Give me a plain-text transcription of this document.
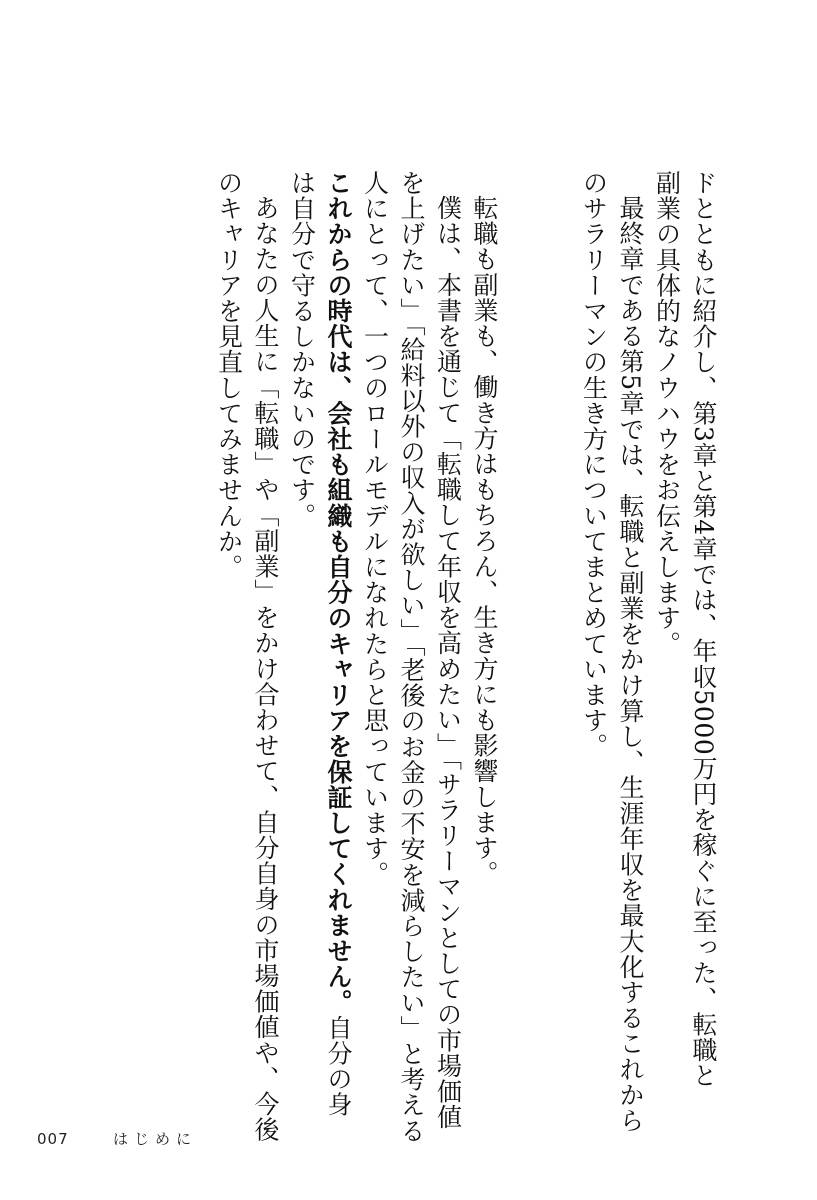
ドとともに紹介し、第3章と第4章では、年収5000万円を稼ぐに至った、転職と
副業の具体的なノウハウをお伝えします。
最終章である第5章では、転職と副業をかけ算し、生涯年収を最大化するこれから
のサラリーマンの生き方についてまとめています。
転職も副業も、働き方はもちろん、生き方にも影響します。
僕は、本書を通じて「転職して年収を高めたい」「サラリーマンとしての市場価値
を上げたい」「給料以外の収入が欲しい」「老後のお金の不安を減らしたい」と考える
人にとって、一つのロールモデルになれたらと思っています。
これからの時代は、会社も組織も自分のキャリアを保証してくれません。自分の身
は自分で守るしかないのです。
あなたの人生に「転職」や「副業」をかけ合わせて、自分自身の市場価値や、今後
のキャリアを見直してみませんか。
007	はじめに
